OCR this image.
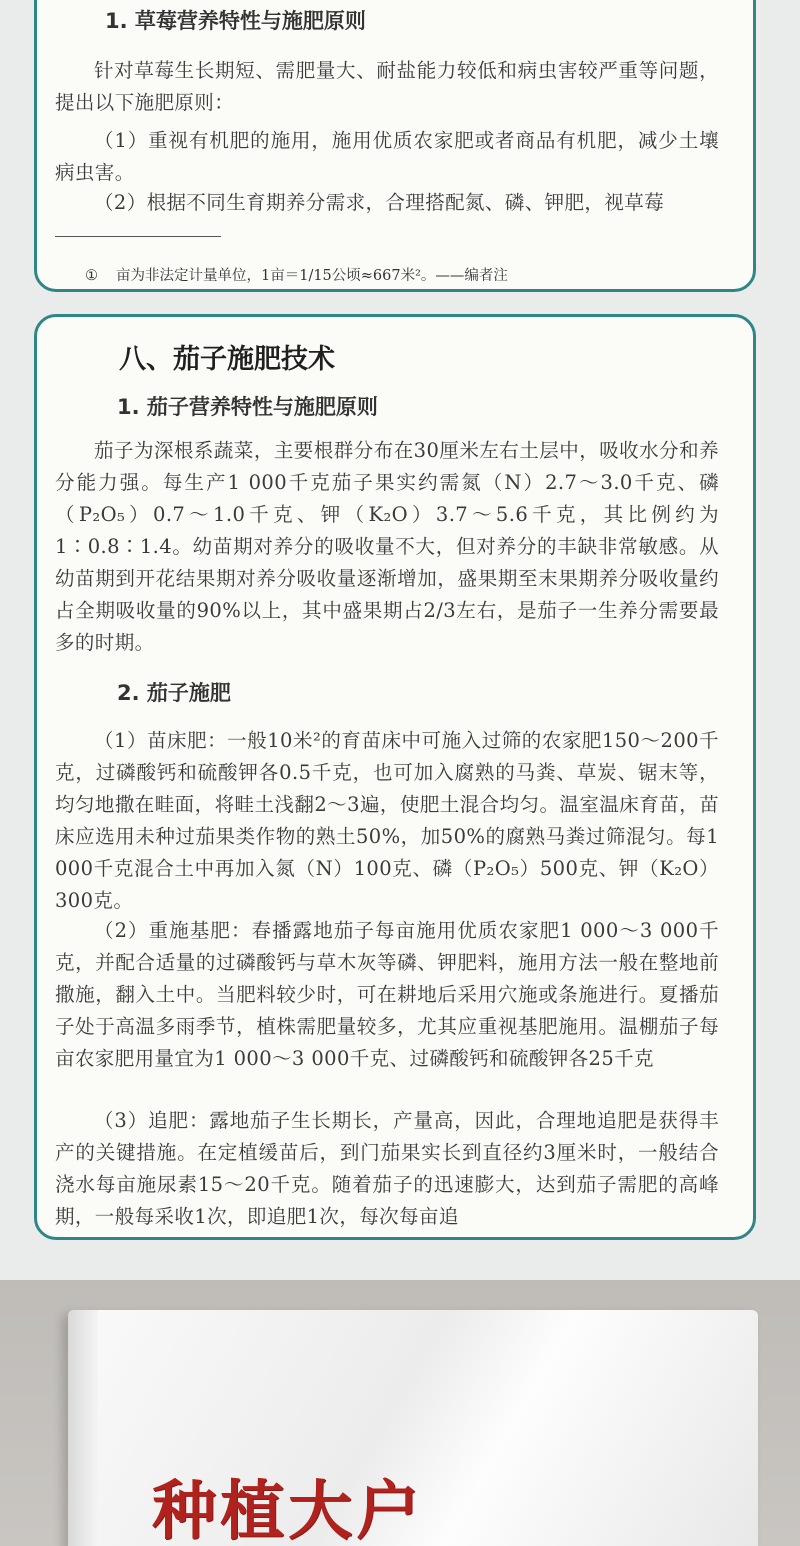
1. 草莓营养特性与施肥原则

针对草莓生长期短、需肥量大、耐盐能力较低和病虫害较严重等问题，提出以下施肥原则：

（1）重视有机肥的施用，施用优质农家肥或者商品有机肥，减少土壤病虫害。

（2）根据不同生育期养分需求，合理搭配氮、磷、钾肥，视草莓

① 亩为非法定计量单位，1亩＝1/15公顷≈667米²。——编者注
八、茄子施肥技术
1. 茄子营养特性与施肥原则

茄子为深根系蔬菜，主要根群分布在30厘米左右土层中，吸收水分和养分能力强。每生产1 000千克茄子果实约需氮（N）2.7～3.0千克、磷（P₂O₅）0.7～1.0千克、钾（K₂O）3.7～5.6千克，其比例约为1∶0.8∶1.4。幼苗期对养分的吸收量不大，但对养分的丰缺非常敏感。从幼苗期到开花结果期对养分吸收量逐渐增加，盛果期至末果期养分吸收量约占全期吸收量的90%以上，其中盛果期占2/3左右，是茄子一生养分需要最多的时期。

2. 茄子施肥

（1）苗床肥：一般10米²的育苗床中可施入过筛的农家肥150～200千克，过磷酸钙和硫酸钾各0.5千克，也可加入腐熟的马粪、草炭、锯末等，均匀地撒在畦面，将畦土浅翻2～3遍，使肥土混合均匀。温室温床育苗，苗床应选用未种过茄果类作物的熟土50%，加50%的腐熟马粪过筛混匀。每1 000千克混合土中再加入氮（N）100克、磷（P₂O₅）500克、钾（K₂O）300克。

（2）重施基肥：春播露地茄子每亩施用优质农家肥1 000～3 000千克，并配合适量的过磷酸钙与草木灰等磷、钾肥料，施用方法一般在整地前撒施，翻入土中。当肥料较少时，可在耕地后采用穴施或条施进行。夏播茄子处于高温多雨季节，植株需肥量较多，尤其应重视基肥施用。温棚茄子每亩农家肥用量宜为1 000～3 000千克、过磷酸钙和硫酸钾各25千克

（3）追肥：露地茄子生长期长，产量高，因此，合理地追肥是获得丰产的关键措施。在定植缓苗后，到门茄果实长到直径约3厘米时，一般结合浇水每亩施尿素15～20千克。随着茄子的迅速膨大，达到茄子需肥的高峰期，一般每采收1次，即追肥1次，每次每亩追

种植大户
